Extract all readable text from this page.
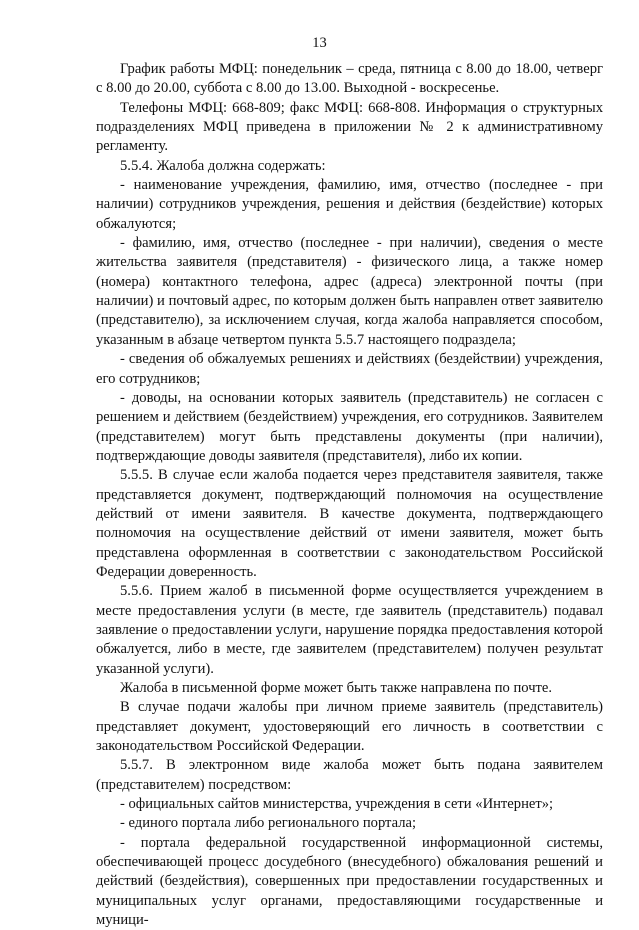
13

График работы МФЦ: понедельник – среда, пятница с 8.00 до 18.00, четверг с 8.00 до 20.00, суббота с 8.00 до 13.00. Выходной - воскресенье.

Телефоны МФЦ: 668-809; факс МФЦ: 668-808. Информация о структурных подразделениях МФЦ приведена в приложении № 2 к административному регламенту.

5.5.4. Жалоба должна содержать:

- наименование учреждения, фамилию, имя, отчество (последнее - при наличии) сотрудников учреждения, решения и действия (бездействие) которых обжалуются;

- фамилию, имя, отчество (последнее - при наличии), сведения о месте жительства заявителя (представителя) - физического лица, а также номер (номера) контактного телефона, адрес (адреса) электронной почты (при наличии) и почтовый адрес, по которым должен быть направлен ответ заявителю (представителю), за исключением случая, когда жалоба направляется способом, указанным в абзаце четвертом пункта 5.5.7 настоящего подраздела;

- сведения об обжалуемых решениях и действиях (бездействии) учреждения, его сотрудников;

- доводы, на основании которых заявитель (представитель) не согласен с решением и действием (бездействием) учреждения, его сотрудников. Заявителем (представителем) могут быть представлены документы (при наличии), подтверждающие доводы заявителя (представителя), либо их копии.

5.5.5. В случае если жалоба подается через представителя заявителя, также представляется документ, подтверждающий полномочия на осуществление действий от имени заявителя. В качестве документа, подтверждающего полномочия на осуществление действий от имени заявителя, может быть представлена оформленная в соответствии с законодательством Российской Федерации доверенность.

5.5.6. Прием жалоб в письменной форме осуществляется учреждением в месте предоставления услуги (в месте, где заявитель (представитель) подавал заявление о предоставлении услуги, нарушение порядка предоставления которой обжалуется, либо в месте, где заявителем (представителем) получен результат указанной услуги).

Жалоба в письменной форме может быть также направлена по почте.

В случае подачи жалобы при личном приеме заявитель (представитель) представляет документ, удостоверяющий его личность в соответствии с законодательством Российской Федерации.

5.5.7. В электронном виде жалоба может быть подана заявителем (представителем) посредством:

- официальных сайтов министерства, учреждения в сети «Интернет»;

- единого портала либо регионального портала;

- портала федеральной государственной информационной системы, обеспечивающей процесс досудебного (внесудебного) обжалования решений и действий (бездействия), совершенных при предоставлении государственных и муниципальных услуг органами, предоставляющими государственные и муници-
